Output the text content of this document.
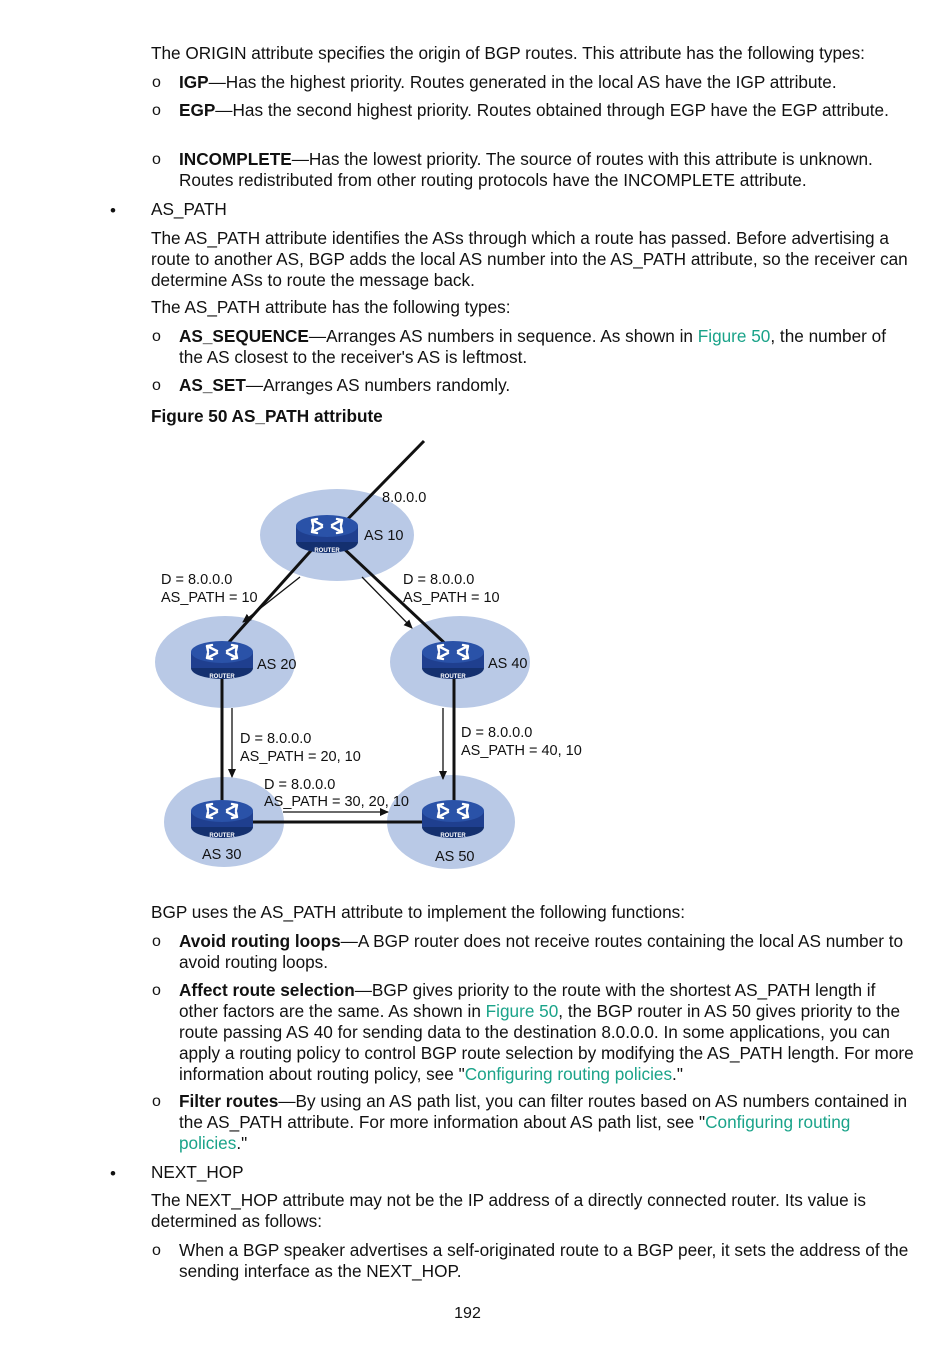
The ORIGIN attribute specifies the origin of BGP routes. This attribute has the following types:

o IGP—Has the highest priority. Routes generated in the local AS have the IGP attribute.

o EGP—Has the second highest priority. Routes obtained through EGP have the EGP attribute.

o INCOMPLETE—Has the lowest priority. The source of routes with this attribute is unknown. Routes redistributed from other routing protocols have the INCOMPLETE attribute.

•	AS_PATH

The AS_PATH attribute identifies the ASs through which a route has passed. Before advertising a route to another AS, BGP adds the local AS number into the AS_PATH attribute, so the receiver can determine ASs to route the message back.

The AS_PATH attribute has the following types:

o AS_SEQUENCE—Arranges AS numbers in sequence. As shown in Figure 50, the number of the AS closest to the receiver's AS is leftmost.

o AS_SET—Arranges AS numbers randomly.

Figure 50 AS_PATH attribute

ROUTER
ROUTER	ROUTER
ROUTER	ROUTER
8.0.0.0
AS 10
AS 20	AS 40
AS 30	AS 50
D = 8.0.0.0
AS_PATH = 10
D = 8.0.0.0
AS_PATH = 10
D = 8.0.0.0
AS_PATH = 20, 10
D = 8.0.0.0
AS_PATH = 40, 10
D = 8.0.0.0
AS_PATH = 30, 20, 10

BGP uses the AS_PATH attribute to implement the following functions:

o Avoid routing loops—A BGP router does not receive routes containing the local AS number to avoid routing loops.

o Affect route selection—BGP gives priority to the route with the shortest AS_PATH length if other factors are the same. As shown in Figure 50, the BGP router in AS 50 gives priority to the route passing AS 40 for sending data to the destination 8.0.0.0. In some applications, you can apply a routing policy to control BGP route selection by modifying the AS_PATH length. For more information about routing policy, see "Configuring routing policies."

o Filter routes—By using an AS path list, you can filter routes based on AS numbers contained in the AS_PATH attribute. For more information about AS path list, see "Configuring routing policies."

•	NEXT_HOP

The NEXT_HOP attribute may not be the IP address of a directly connected router. Its value is determined as follows:

o When a BGP speaker advertises a self-originated route to a BGP peer, it sets the address of the sending interface as the NEXT_HOP.

192
